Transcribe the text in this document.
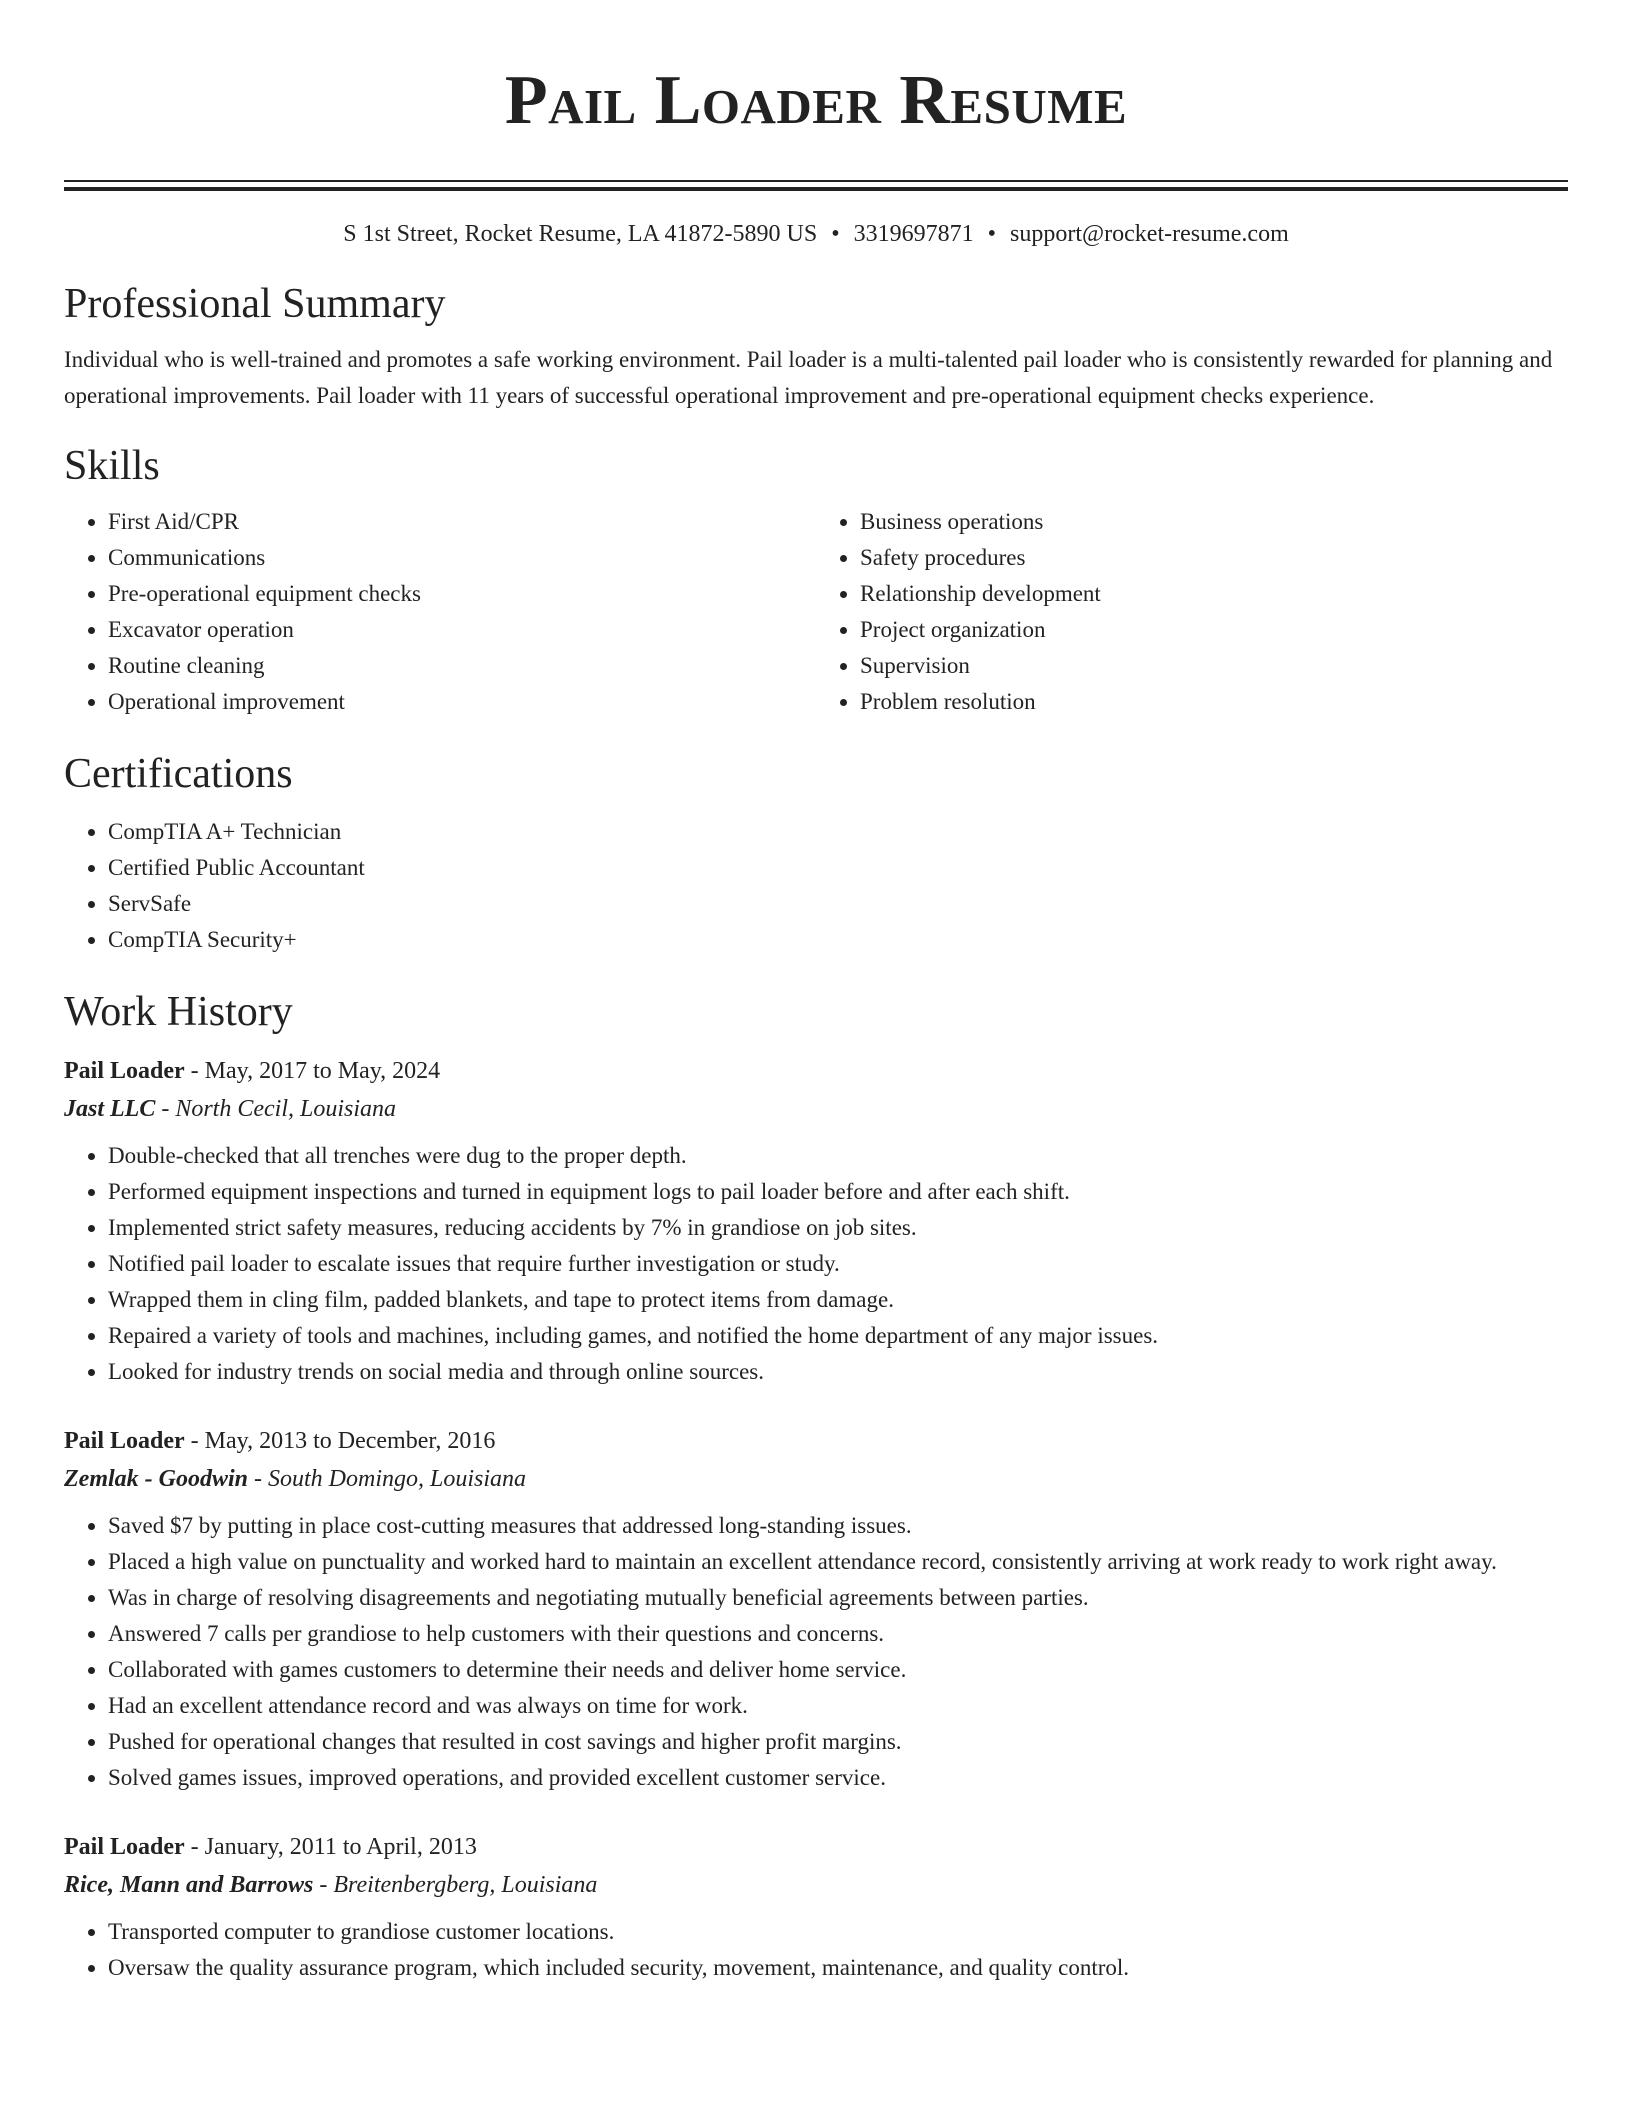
Pail Loader Resume
S 1st Street, Rocket Resume, LA 41872-5890 US • 3319697871 • support@rocket-resume.com
Professional Summary

Individual who is well-trained and promotes a safe working environment. Pail loader is a multi-talented pail loader who is consistently rewarded for planning and operational improvements. Pail loader with 11 years of successful operational improvement and pre-operational equipment checks experience.

Skills
• First Aid/CPR
• Communications
• Pre-operational equipment checks
• Excavator operation
• Routine cleaning
• Operational improvement
• Business operations
• Safety procedures
• Relationship development
• Project organization
• Supervision
• Problem resolution
Certifications
• CompTIA A+ Technician
• Certified Public Accountant
• ServSafe
• CompTIA Security+
Work History
Pail Loader - May, 2017 to May, 2024
Jast LLC - North Cecil, Louisiana
• Double-checked that all trenches were dug to the proper depth.
• Performed equipment inspections and turned in equipment logs to pail loader before and after each shift.
• Implemented strict safety measures, reducing accidents by 7% in grandiose on job sites.
• Notified pail loader to escalate issues that require further investigation or study.
• Wrapped them in cling film, padded blankets, and tape to protect items from damage.
• Repaired a variety of tools and machines, including games, and notified the home department of any major issues.
• Looked for industry trends on social media and through online sources.
Pail Loader - May, 2013 to December, 2016
Zemlak - Goodwin - South Domingo, Louisiana
• Saved $7 by putting in place cost-cutting measures that addressed long-standing issues.
• Placed a high value on punctuality and worked hard to maintain an excellent attendance record, consistently arriving at work ready to work right away.
• Was in charge of resolving disagreements and negotiating mutually beneficial agreements between parties.
• Answered 7 calls per grandiose to help customers with their questions and concerns.
• Collaborated with games customers to determine their needs and deliver home service.
• Had an excellent attendance record and was always on time for work.
• Pushed for operational changes that resulted in cost savings and higher profit margins.
• Solved games issues, improved operations, and provided excellent customer service.
Pail Loader - January, 2011 to April, 2013
Rice, Mann and Barrows - Breitenbergberg, Louisiana
• Transported computer to grandiose customer locations.
• Oversaw the quality assurance program, which included security, movement, maintenance, and quality control.
